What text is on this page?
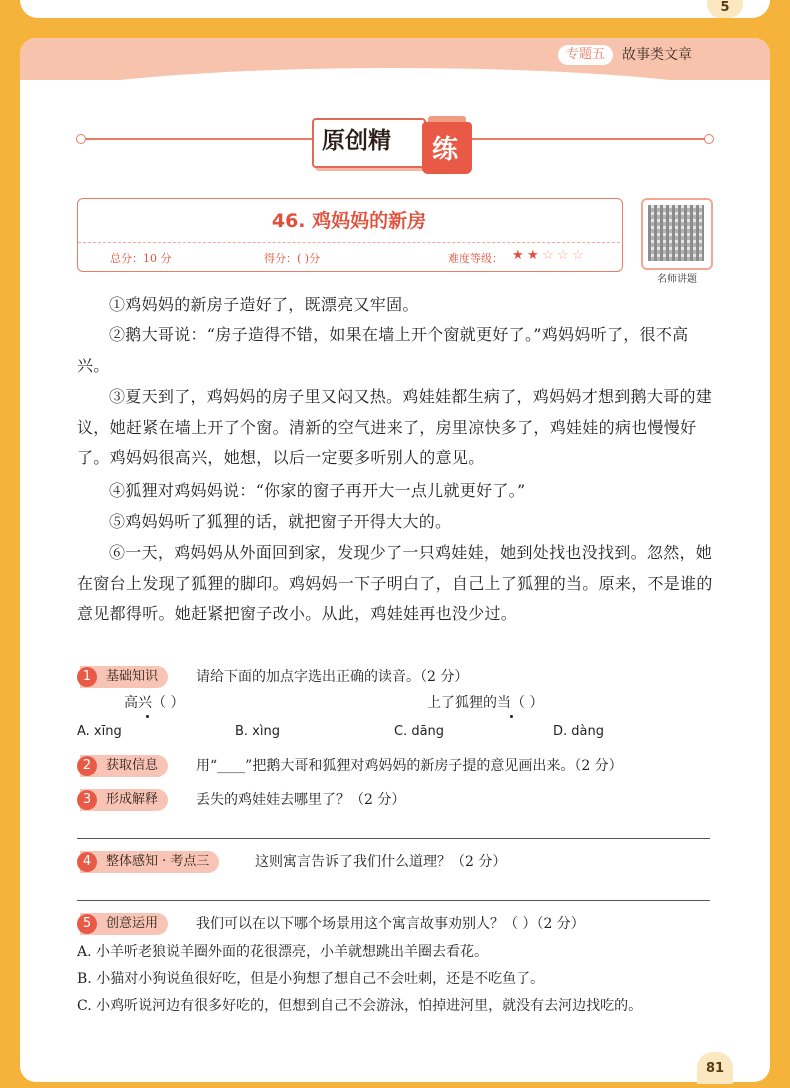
5
专题五	故事类文章
原创精 练
46. 鸡妈妈的新房
总分：10 分	得分：( )分	难度等级： ★ ★ ☆ ☆ ☆
名师讲题
①鸡妈妈的新房子造好了，既漂亮又牢固。
②鹅大哥说：“房子造得不错，如果在墙上开个窗就更好了。”鸡妈妈听了，很不高兴。
③夏天到了，鸡妈妈的房子里又闷又热。鸡娃娃都生病了，鸡妈妈才想到鹅大哥的建议，她赶紧在墙上开了个窗。清新的空气进来了，房里凉快多了，鸡娃娃的病也慢慢好了。鸡妈妈很高兴，她想，以后一定要多听别人的意见。
④狐狸对鸡妈妈说：“你家的窗子再开大一点儿就更好了。”
⑤鸡妈妈听了狐狸的话，就把窗子开得大大的。
⑥一天，鸡妈妈从外面回到家，发现少了一只鸡娃娃，她到处找也没找到。忽然，她在窗台上发现了狐狸的脚印。鸡妈妈一下子明白了，自己上了狐狸的当。原来，不是谁的意见都得听。她赶紧把窗子改小。从此，鸡娃娃再也没少过。
基础知识
1	请给下面的加点字选出正确的读音。（2 分）
高兴（ ）	上了狐狸的当（ ）
A. xīng	B. xìng	C. dāng	D. dàng
获取信息
2	用“____”把鹅大哥和狐狸对鸡妈妈的新房子提的意见画出来。（2 分）
形成解释
3	丢失的鸡娃娃去哪里了？（2 分）
整体感知 · 考点三
4	这则寓言告诉了我们什么道理？（2 分）
创意运用
5	我们可以在以下哪个场景用这个寓言故事劝别人？（ ）（2 分）
A. 小羊听老狼说羊圈外面的花很漂亮，小羊就想跳出羊圈去看花。
B. 小猫对小狗说鱼很好吃，但是小狗想了想自己不会吐刺，还是不吃鱼了。
C. 小鸡听说河边有很多好吃的，但想到自己不会游泳，怕掉进河里，就没有去河边找吃的。
81
